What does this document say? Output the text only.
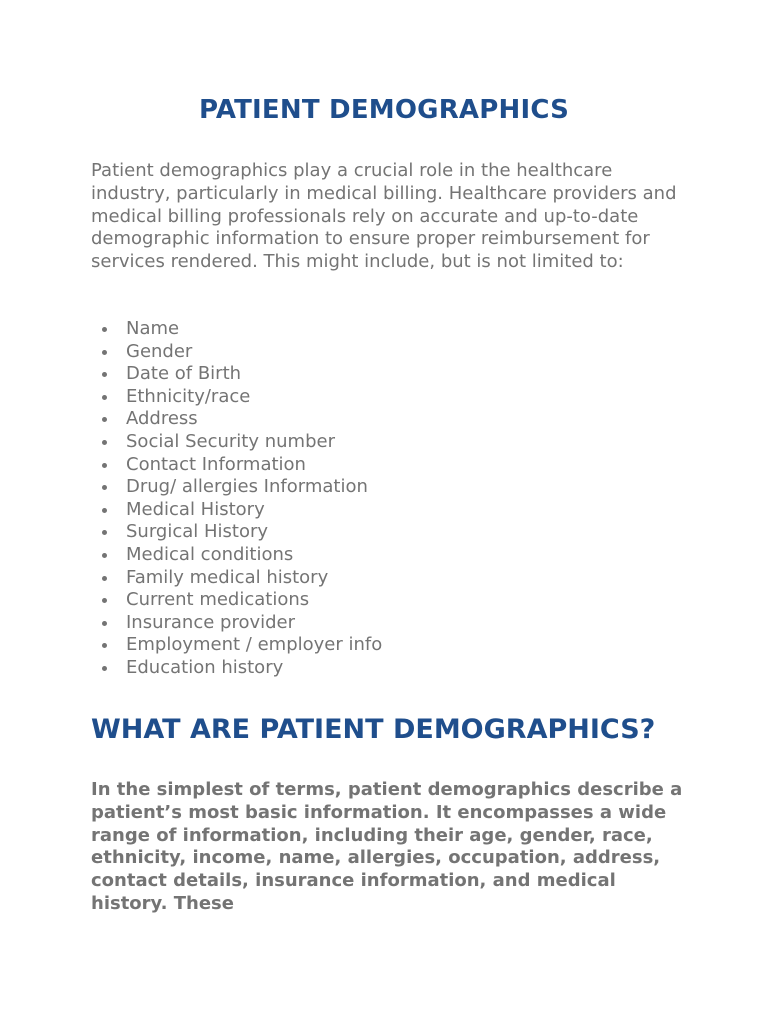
PATIENT DEMOGRAPHICS

Patient demographics play a crucial role in the healthcare industry, particularly in medical billing. Healthcare providers and medical billing professionals rely on accurate and up-to-date demographic information to ensure proper reimbursement for services rendered. This might include, but is not limited to:

Name
Gender
Date of Birth
Ethnicity/race
Address
Social Security number
Contact Information
Drug/ allergies Information
Medical History
Surgical History
Medical conditions
Family medical history
Current medications
Insurance provider
Employment / employer info
Education history
WHAT ARE PATIENT DEMOGRAPHICS?

In the simplest of terms, patient demographics describe a patient’s most basic information. It encompasses a wide range of information, including their age, gender, race, ethnicity, income, name, allergies, occupation, address, contact details, insurance information, and medical history. These
